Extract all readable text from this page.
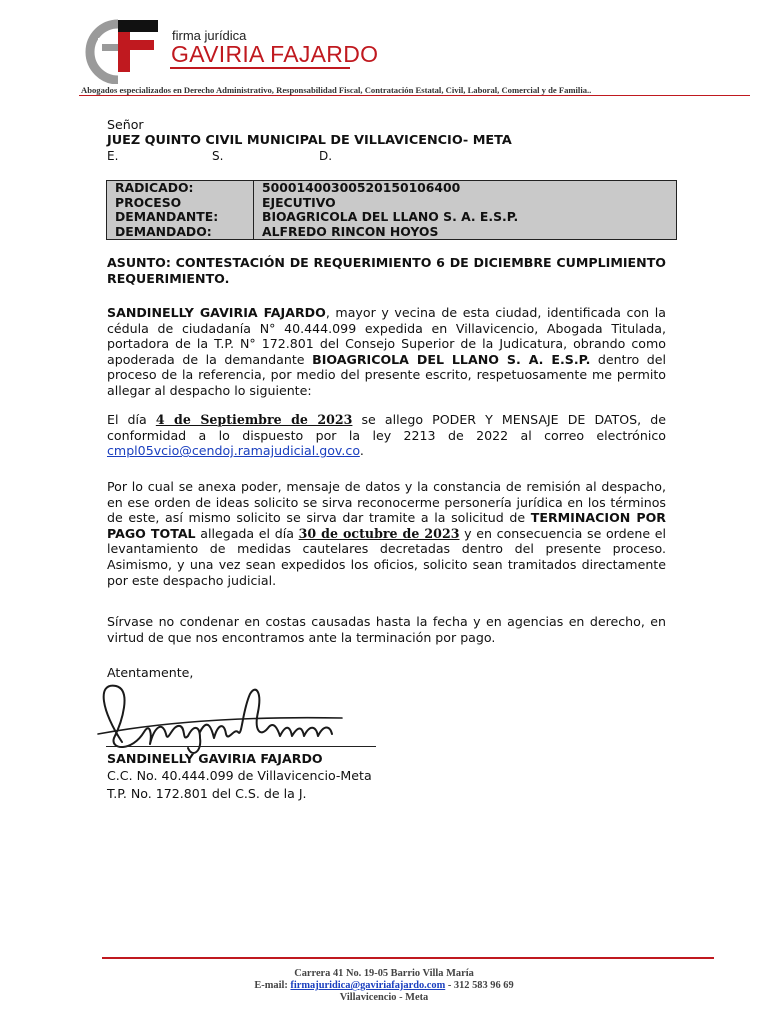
firma jurídica
GAVIRIA FAJARDO
Abogados especializados en Derecho Administrativo, Responsabilidad Fiscal, Contratación Estatal, Civil, Laboral, Comercial y de Familia..
Señor
JUEZ QUINTO CIVIL MUNICIPAL DE VILLAVICENCIO- META
E.	S.	D.
RADICADO:	50001400300520150106400
PROCESO	EJECUTIVO
DEMANDANTE:	BIOAGRICOLA DEL LLANO S. A. E.S.P.
DEMANDADO:	ALFREDO RINCON HOYOS
ASUNTO: CONTESTACIÓN DE REQUERIMIENTO 6 DE DICIEMBRE CUMPLIMIENTO REQUERIMIENTO.
SANDINELLY GAVIRIA FAJARDO, mayor y vecina de esta ciudad, identificada con la cédula de ciudadanía N° 40.444.099 expedida en Villavicencio, Abogada Titulada, portadora de la T.P. N° 172.801 del Consejo Superior de la Judicatura, obrando como apoderada de la demandante BIOAGRICOLA DEL LLANO S. A. E.S.P. dentro del proceso de la referencia, por medio del presente escrito, respetuosamente me permito allegar al despacho lo siguiente:
El día 4 de Septiembre de 2023 se allego PODER Y MENSAJE DE DATOS, de conformidad a lo dispuesto por la ley 2213 de 2022 al correo electrónico cmpl05vcio@cendoj.ramajudicial.gov.co.
Por lo cual se anexa poder, mensaje de datos y la constancia de remisión al despacho, en ese orden de ideas solicito se sirva reconocerme personería jurídica en los términos de este, así mismo solicito se sirva dar tramite a la solicitud de TERMINACION POR PAGO TOTAL allegada el día 30 de octubre de 2023 y en consecuencia se ordene el levantamiento de medidas cautelares decretadas dentro del presente proceso. Asimismo, y una vez sean expedidos los oficios, solicito sean tramitados directamente por este despacho judicial.
Sírvase no condenar en costas causadas hasta la fecha y en agencias en derecho, en virtud de que nos encontramos ante la terminación por pago.
Atentamente,
SANDINELLY GAVIRIA FAJARDO
C.C. No. 40.444.099 de Villavicencio-Meta
T.P. No. 172.801 del C.S. de la J.
Carrera 41 No. 19-05 Barrio Villa María
E-mail: firmajuridica@gaviriafajardo.com - 312 583 96 69
Villavicencio - Meta
